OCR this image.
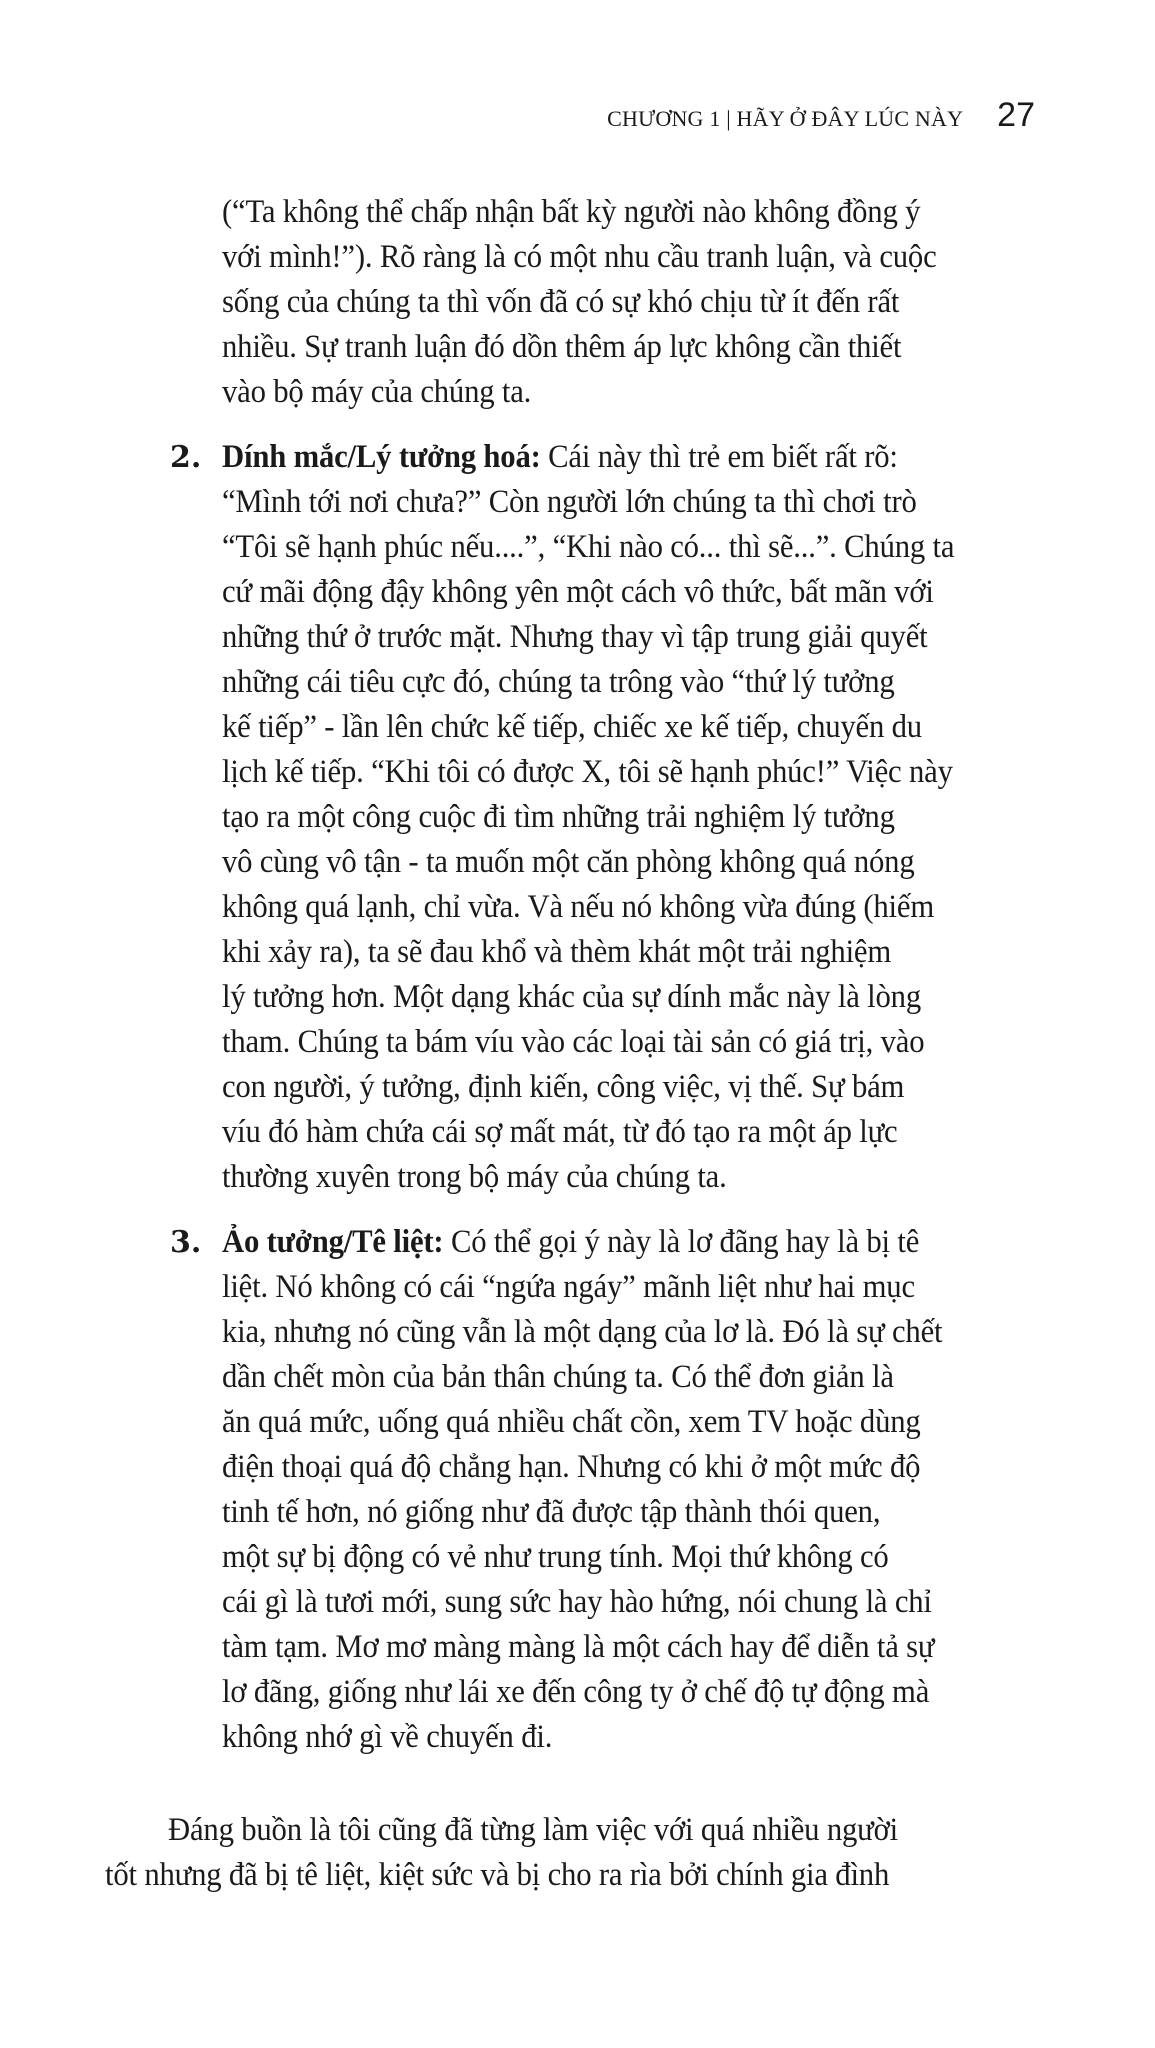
CHƯƠNG 1 | HÃY Ở ĐÂY LÚC NÀY 27
(“Ta không thể chấp nhận bất kỳ người nào không đồng ý
với mình!”). Rõ ràng là có một nhu cầu tranh luận, và cuộc
sống của chúng ta thì vốn đã có sự khó chịu từ ít đến rất
nhiều. Sự tranh luận đó dồn thêm áp lực không cần thiết
vào bộ máy của chúng ta.
2. Dính mắc/Lý tưởng hoá: Cái này thì trẻ em biết rất rõ:
“Mình tới nơi chưa?” Còn người lớn chúng ta thì chơi trò
“Tôi sẽ hạnh phúc nếu....”, “Khi nào có... thì sẽ...”. Chúng ta
cứ mãi động đậy không yên một cách vô thức, bất mãn với
những thứ ở trước mặt. Nhưng thay vì tập trung giải quyết
những cái tiêu cực đó, chúng ta trông vào “thứ lý tưởng
kế tiếp” - lần lên chức kế tiếp, chiếc xe kế tiếp, chuyến du
lịch kế tiếp. “Khi tôi có được X, tôi sẽ hạnh phúc!” Việc này
tạo ra một công cuộc đi tìm những trải nghiệm lý tưởng
vô cùng vô tận - ta muốn một căn phòng không quá nóng
không quá lạnh, chỉ vừa. Và nếu nó không vừa đúng (hiếm
khi xảy ra), ta sẽ đau khổ và thèm khát một trải nghiệm
lý tưởng hơn. Một dạng khác của sự dính mắc này là lòng
tham. Chúng ta bám víu vào các loại tài sản có giá trị, vào
con người, ý tưởng, định kiến, công việc, vị thế. Sự bám
víu đó hàm chứa cái sợ mất mát, từ đó tạo ra một áp lực
thường xuyên trong bộ máy của chúng ta.
3. Ảo tưởng/Tê liệt: Có thể gọi ý này là lơ đãng hay là bị tê
liệt. Nó không có cái “ngứa ngáy” mãnh liệt như hai mục
kia, nhưng nó cũng vẫn là một dạng của lơ là. Đó là sự chết
dần chết mòn của bản thân chúng ta. Có thể đơn giản là
ăn quá mức, uống quá nhiều chất cồn, xem TV hoặc dùng
điện thoại quá độ chẳng hạn. Nhưng có khi ở một mức độ
tinh tế hơn, nó giống như đã được tập thành thói quen,
một sự bị động có vẻ như trung tính. Mọi thứ không có
cái gì là tươi mới, sung sức hay hào hứng, nói chung là chỉ
tàm tạm. Mơ mơ màng màng là một cách hay để diễn tả sự
lơ đãng, giống như lái xe đến công ty ở chế độ tự động mà
không nhớ gì về chuyến đi.
Đáng buồn là tôi cũng đã từng làm việc với quá nhiều người
tốt nhưng đã bị tê liệt, kiệt sức và bị cho ra rìa bởi chính gia đình
